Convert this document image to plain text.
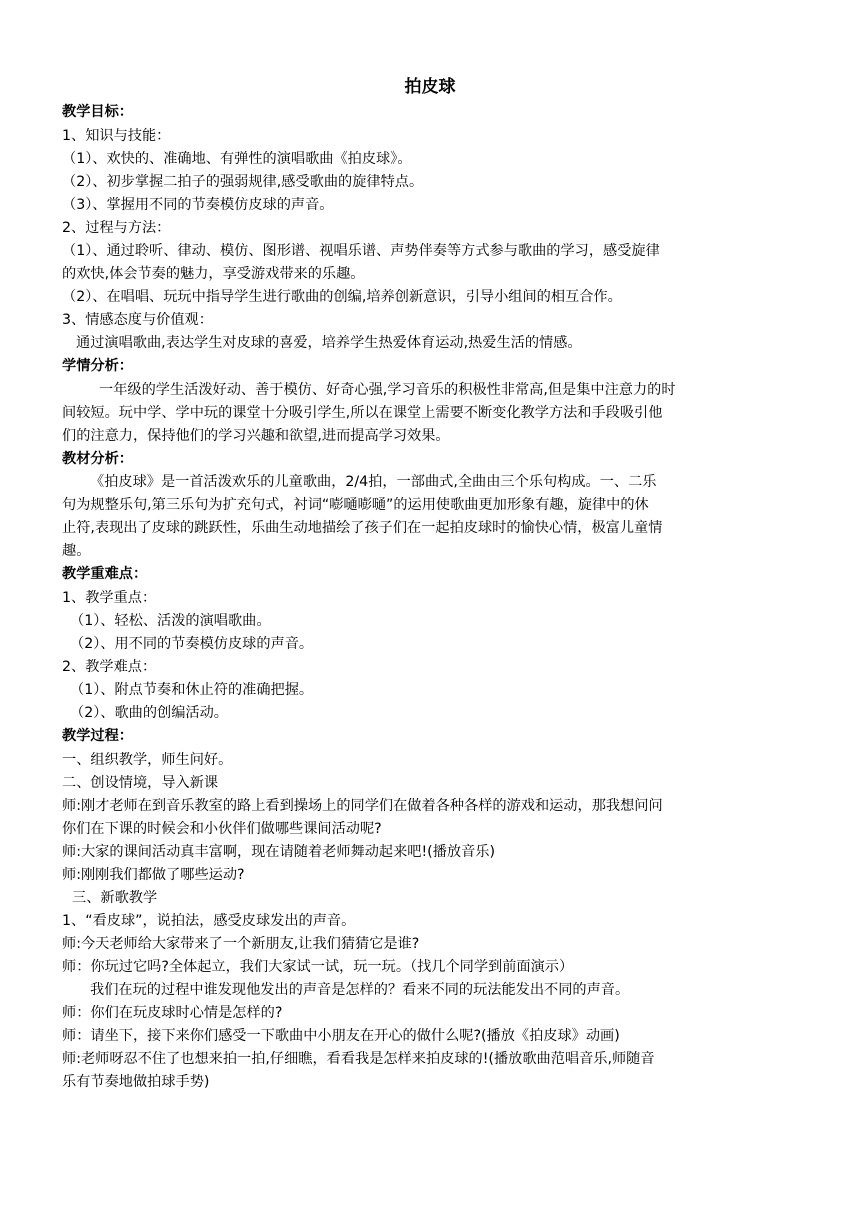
拍皮球
教学目标：
1、知识与技能：
（1）、欢快的、准确地、有弹性的演唱歌曲《拍皮球》。
（2）、初步掌握二拍子的强弱规律,感受歌曲的旋律特点。
（3）、掌握用不同的节奏模仿皮球的声音。
2、过程与方法：
（1）、通过聆听、律动、模仿、图形谱、视唱乐谱、声势伴奏等方式参与歌曲的学习，感受旋律
的欢快,体会节奏的魅力，享受游戏带来的乐趣。
（2）、在唱唱、玩玩中指导学生进行歌曲的创编,培养创新意识，引导小组间的相互合作。
3、情感态度与价值观：
通过演唱歌曲,表达学生对皮球的喜爱，培养学生热爱体育运动,热爱生活的情感。
学情分析：
一年级的学生活泼好动、善于模仿、好奇心强,学习音乐的积极性非常高,但是集中注意力的时
间较短。玩中学、学中玩的课堂十分吸引学生,所以在课堂上需要不断变化教学方法和手段吸引他
们的注意力，保持他们的学习兴趣和欲望,进而提高学习效果。
教材分析：
《拍皮球》是一首活泼欢乐的儿童歌曲，2/4拍，一部曲式,全曲由三个乐句构成。一、二乐
句为规整乐句,第三乐句为扩充句式，衬词“嘭嗵嘭嗵”的运用使歌曲更加形象有趣，旋律中的休
止符,表现出了皮球的跳跃性，乐曲生动地描绘了孩子们在一起拍皮球时的愉快心情，极富儿童情
趣。
教学重难点：
1、教学重点：
（1）、轻松、活泼的演唱歌曲。
（2）、用不同的节奏模仿皮球的声音。
2、教学难点：
（1）、附点节奏和休止符的准确把握。
（2）、歌曲的创编活动。
教学过程：
一、组织教学，师生问好。
二、创设情境，导入新课
师:刚才老师在到音乐教室的路上看到操场上的同学们在做着各种各样的游戏和运动，那我想问问
你们在下课的时候会和小伙伴们做哪些课间活动呢?
师:大家的课间活动真丰富啊，现在请随着老师舞动起来吧!(播放音乐)
师:刚刚我们都做了哪些运动?
三、新歌教学
1、“看皮球”，说拍法，感受皮球发出的声音。
师:今天老师给大家带来了一个新朋友,让我们猜猜它是谁?
师：你玩过它吗?全体起立，我们大家试一试，玩一玩。（找几个同学到前面演示）
我们在玩的过程中谁发现他发出的声音是怎样的？看来不同的玩法能发出不同的声音。
师：你们在玩皮球时心情是怎样的?
师：请坐下，接下来你们感受一下歌曲中小朋友在开心的做什么呢?(播放《拍皮球》动画)
师:老师呀忍不住了也想来拍一拍,仔细瞧，看看我是怎样来拍皮球的!(播放歌曲范唱音乐,师随音
乐有节奏地做拍球手势)
